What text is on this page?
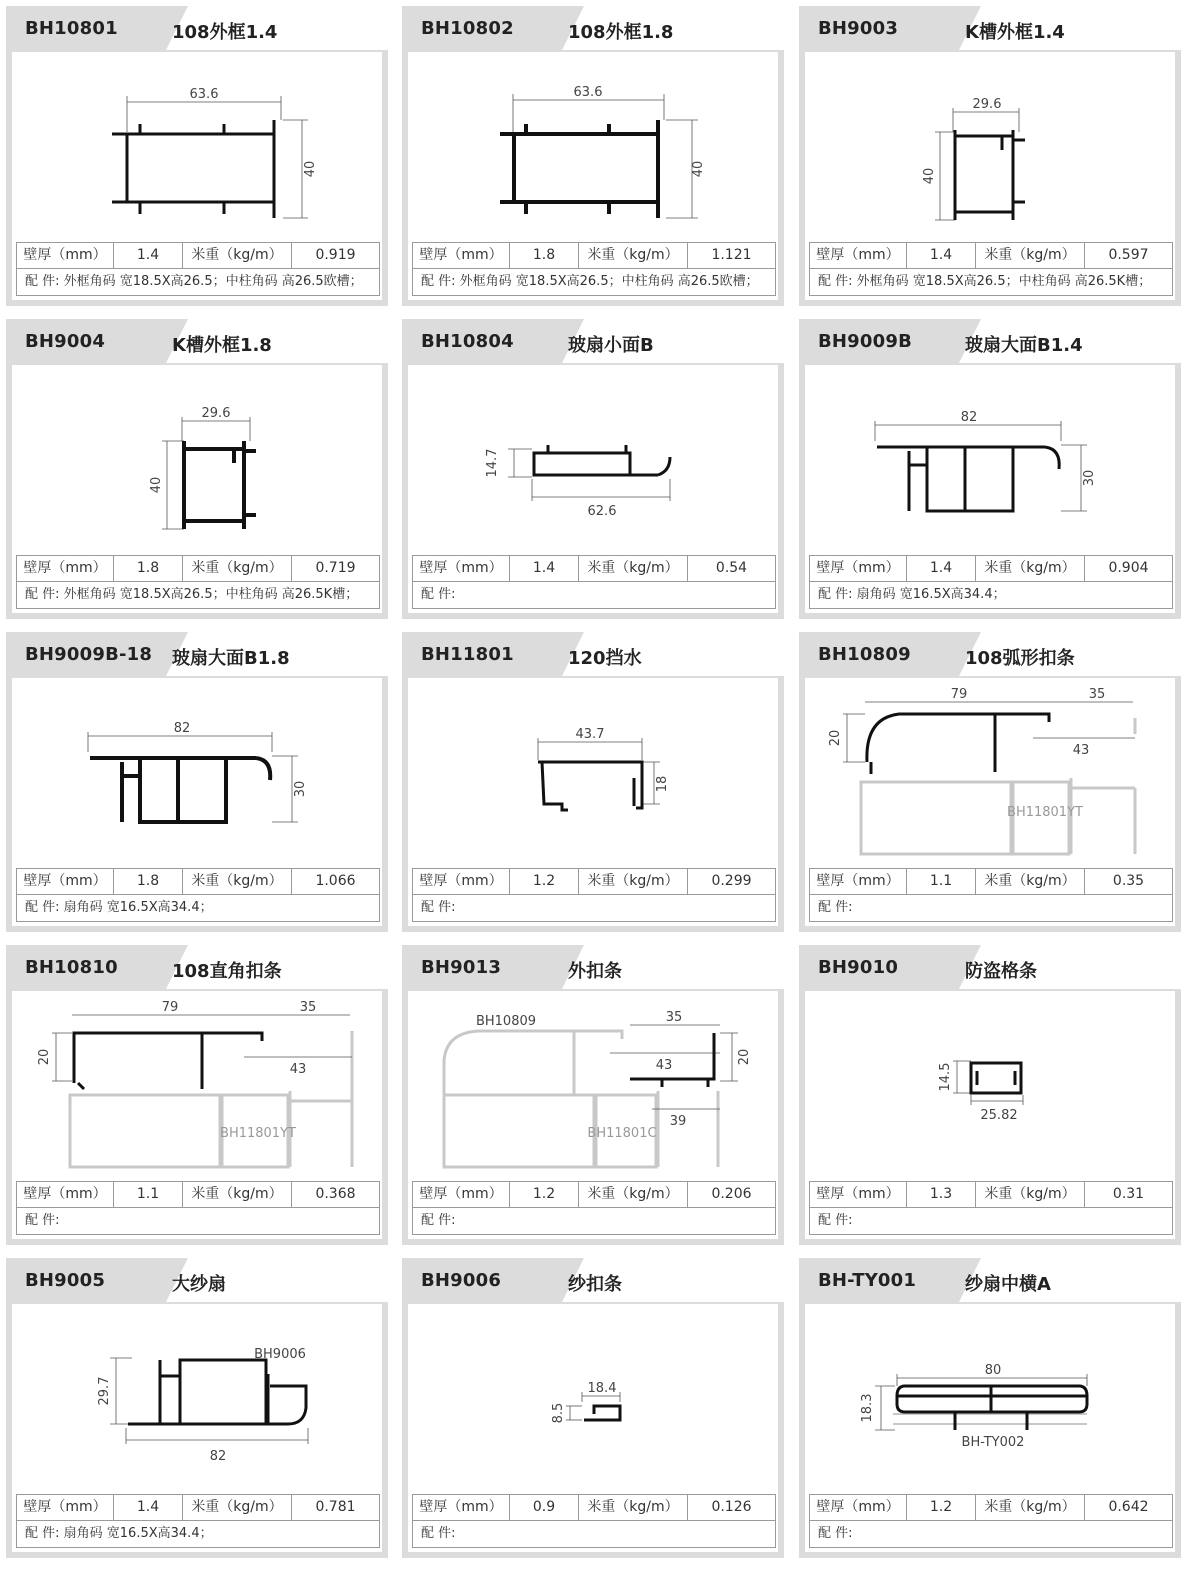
BH10801	108外框1.4
63.6
40
壁厚（mm）	1.4	米重（kg/m）	0.919
配 件: 外框角码 宽18.5X高26.5；中柱角码 高26.5欧槽；
BH10802	108外框1.8
63.6
40
壁厚（mm）	1.8	米重（kg/m）	1.121
配 件: 外框角码 宽18.5X高26.5；中柱角码 高26.5欧槽；
BH9003	K槽外框1.4
29.6
40
壁厚（mm）	1.4	米重（kg/m）	0.597
配 件: 外框角码 宽18.5X高26.5；中柱角码 高26.5K槽；
BH9004	K槽外框1.8
29.6
40
壁厚（mm）	1.8	米重（kg/m）	0.719
配 件: 外框角码 宽18.5X高26.5；中柱角码 高26.5K槽；
BH10804	玻扇小面B
14.7
62.6
壁厚（mm）	1.4	米重（kg/m）	0.54
配 件:
BH9009B	玻扇大面B1.4
82
30
壁厚（mm）	1.4	米重（kg/m）	0.904
配 件: 扇角码 宽16.5X高34.4；
BH9009B-18 玻扇大面B1.8
82
30
壁厚（mm）	1.8	米重（kg/m）	1.066
配 件: 扇角码 宽16.5X高34.4；
BH11801	120挡水
43.7
18
壁厚（mm）	1.2	米重（kg/m）	0.299
配 件:
BH10809	108弧形扣条
79	35
20
43
BH11801YT
壁厚（mm）	1.1	米重（kg/m）	0.35
配 件:
BH10810	108直角扣条
79	35
20
43
BH11801YT
壁厚（mm）	1.1	米重（kg/m）	0.368
配 件:
BH9013	外扣条
BH10809	35
43
20
39
BH11801C
壁厚（mm）	1.2	米重（kg/m）	0.206
配 件:
BH9010	防盗格条
14.5
25.82
壁厚（mm）	1.3	米重（kg/m）	0.31
配 件:
BH9005	大纱扇
29.7
82
BH9006
壁厚（mm）	1.4	米重（kg/m）	0.781
配 件: 扇角码 宽16.5X高34.4；
BH9006	纱扣条
18.4
8.5
壁厚（mm）	0.9	米重（kg/m）	0.126
配 件:
BH-TY001	纱扇中横A
80
18.3
BH-TY002
壁厚（mm）	1.2	米重（kg/m）	0.642
配 件:
